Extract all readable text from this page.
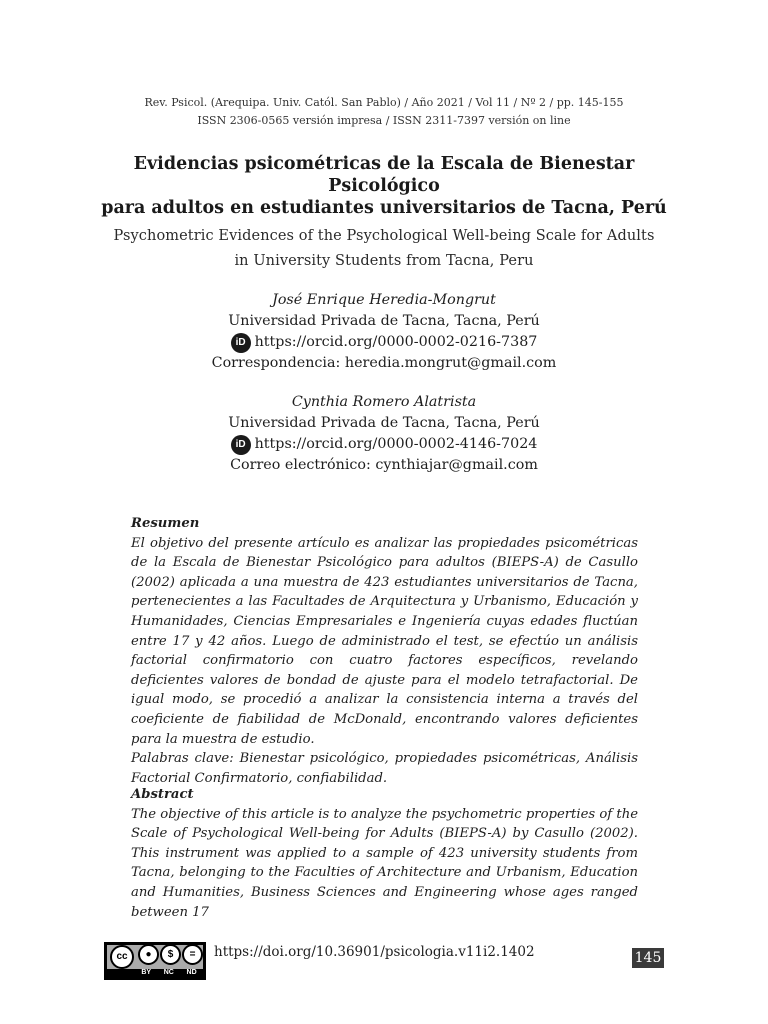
Rev. Psicol. (Arequipa. Univ. Catól. San Pablo) / Año 2021 / Vol 11 / Nº 2 / pp. 145-155
ISSN 2306-0565 versión impresa / ISSN 2311-7397 versión on line
Evidencias psicométricas de la Escala de Bienestar Psicológico
para adultos en estudiantes universitarios de Tacna, Perú
Psychometric Evidences of the Psychological Well-being Scale for Adults
in University Students from Tacna, Peru
José Enrique Heredia-Mongrut
Universidad Privada de Tacna, Tacna, Perú
iD https://orcid.org/0000-0002-0216-7387
Correspondencia: heredia.mongrut@gmail.com
Cynthia Romero Alatrista
Universidad Privada de Tacna, Tacna, Perú
iD https://orcid.org/0000-0002-4146-7024
Correo electrónico: cynthiajar@gmail.com
Resumen

El objetivo del presente artículo es analizar las propiedades psicométricas de la Escala de Bienestar Psicológico para adultos (BIEPS-A) de Casullo (2002) aplicada a una muestra de 423 estudiantes universitarios de Tacna, pertenecientes a las Facultades de Arquitectura y Urbanismo, Educación y Humanidades, Ciencias Empresariales e Ingeniería cuyas edades fluctúan entre 17 y 42 años. Luego de administrado el test, se efectúo un análisis factorial confirmatorio con cuatro factores específicos, revelando deficientes valores de bondad de ajuste para el modelo tetrafactorial. De igual modo, se procedió a analizar la consistencia interna a través del coeficiente de fiabilidad de McDonald, encontrando valores deficientes para la muestra de estudio.

Palabras clave: Bienestar psicológico, propiedades psicométricas, Análisis Factorial Confirmatorio, confiabilidad.

Abstract

The objective of this article is to analyze the psychometric properties of the Scale of Psychological Well-being for Adults (BIEPS-A) by Casullo (2002). This instrument was applied to a sample of 423 university students from Tacna, belonging to the Faculties of Architecture and Urbanism, Education and Humanities, Business Sciences and Engineering whose ages ranged between 17

cc	●	$	=
BY NC ND
https://doi.org/10.36901/psicologia.v11i2.1402	145
